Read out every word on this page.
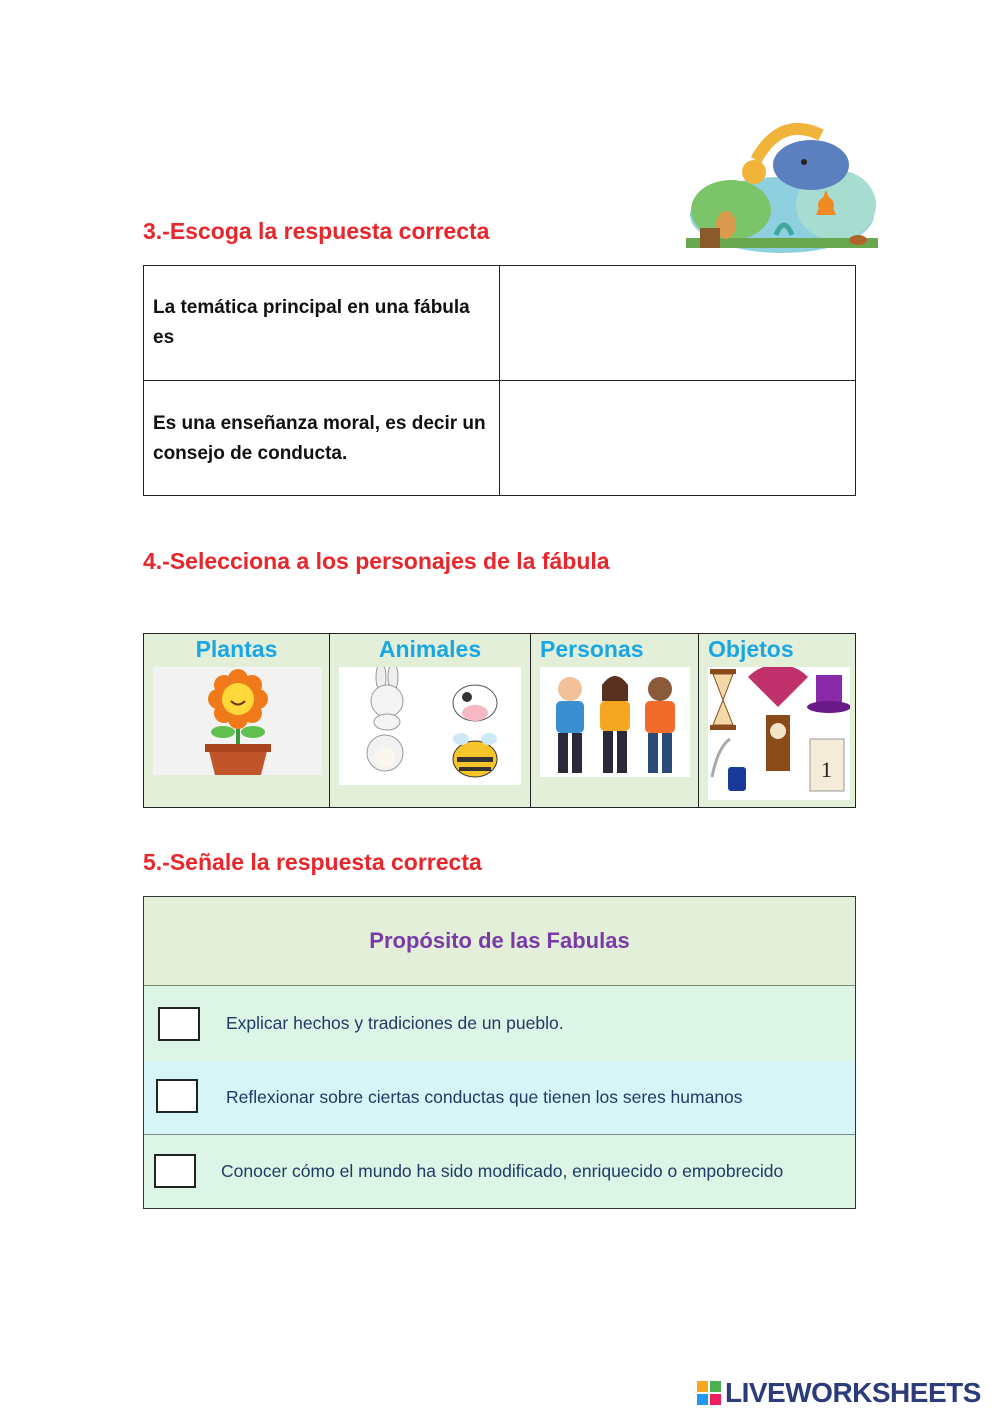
3.-Escoga la respuesta correcta
La temática principal en una fábula es
Es una enseñanza moral, es decir un consejo de conducta.
4.-Selecciona a los personajes de la fábula
Plantas	Animales	Personas	Objetos
1
5.-Señale la respuesta correcta
Propósito de las Fabulas
Explicar hechos y tradiciones de un pueblo.
Reflexionar sobre ciertas conductas que tienen los seres humanos
Conocer cómo el mundo ha sido modificado, enriquecido o empobrecido
LIVEWORKSHEETS
